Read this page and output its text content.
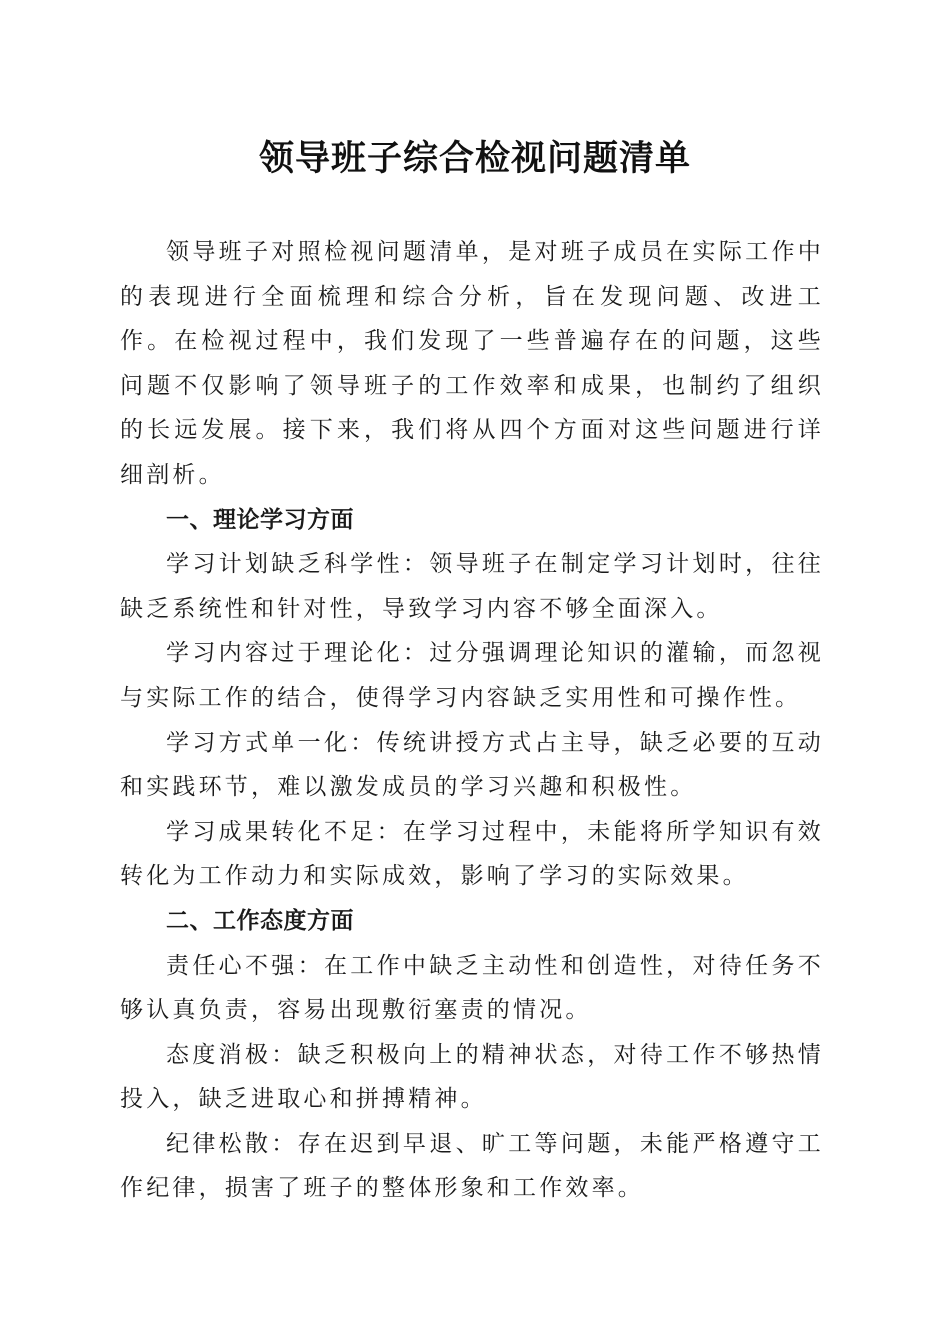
领导班子综合检视问题清单

领导班子对照检视问题清单，是对班子成员在实际工作中的表现进行全面梳理和综合分析，旨在发现问题、改进工作。在检视过程中，我们发现了一些普遍存在的问题，这些问题不仅影响了领导班子的工作效率和成果，也制约了组织的长远发展。接下来，我们将从四个方面对这些问题进行详细剖析。

一、理论学习方面

学习计划缺乏科学性：领导班子在制定学习计划时，往往缺乏系统性和针对性，导致学习内容不够全面深入。

学习内容过于理论化：过分强调理论知识的灌输，而忽视与实际工作的结合，使得学习内容缺乏实用性和可操作性。

学习方式单一化：传统讲授方式占主导，缺乏必要的互动和实践环节，难以激发成员的学习兴趣和积极性。

学习成果转化不足：在学习过程中，未能将所学知识有效转化为工作动力和实际成效，影响了学习的实际效果。

二、工作态度方面

责任心不强：在工作中缺乏主动性和创造性，对待任务不够认真负责，容易出现敷衍塞责的情况。

态度消极：缺乏积极向上的精神状态，对待工作不够热情投入，缺乏进取心和拼搏精神。

纪律松散：存在迟到早退、旷工等问题，未能严格遵守工作纪律，损害了班子的整体形象和工作效率。
